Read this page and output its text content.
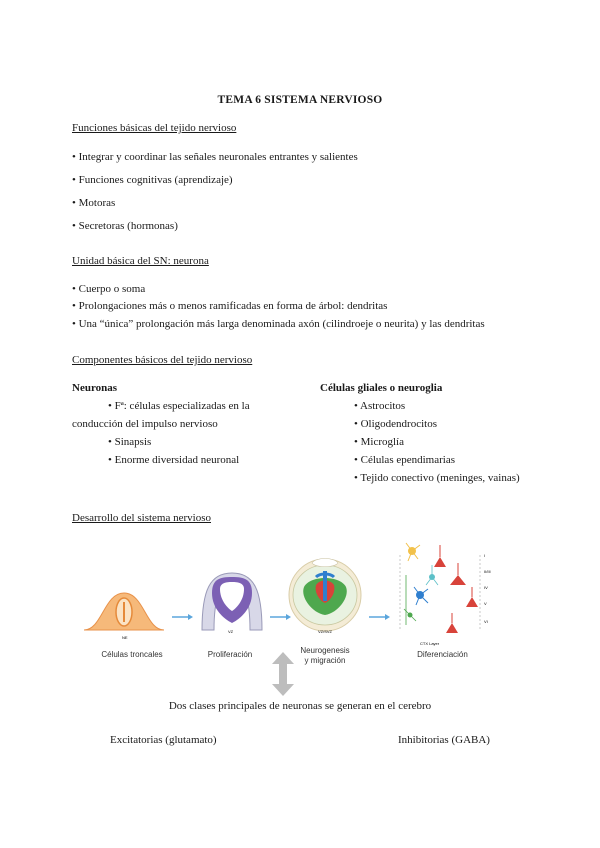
TEMA 6 SISTEMA NERVIOSO
Funciones básicas del tejido nervioso
• Integrar y coordinar las señales neuronales entrantes y salientes
• Funciones cognitivas (aprendizaje)
• Motoras
• Secretoras (hormonas)
Unidad básica del SN: neurona
• Cuerpo o soma
• Prolongaciones más o menos ramificadas en forma de árbol: dendritas
• Una “única” prolongación más larga denominada axón (cilindroeje o neurita) y las dendritas
Componentes básicos del tejido nervioso
Neuronas
• Fª: células especializadas en la
conducción del impulso nervioso
• Sinapsis
• Enorme diversidad neuronal
Células gliales o neuroglia
• Astrocitos
• Oligodendrocitos
• Microglía
• Células ependimarias
• Tejido conectivo (meninges, vainas)
Desarrollo del sistema nervioso
NE
VZ	VZ/SVZ
CTX Layer
I
II/III
IV
V
VI
Células troncales	Proliferación	Neurogenesis
y migración
Diferenciación
Dos clases principales de neuronas se generan en el cerebro
Excitatorias (glutamato)	Inhibitorias (GABA)
